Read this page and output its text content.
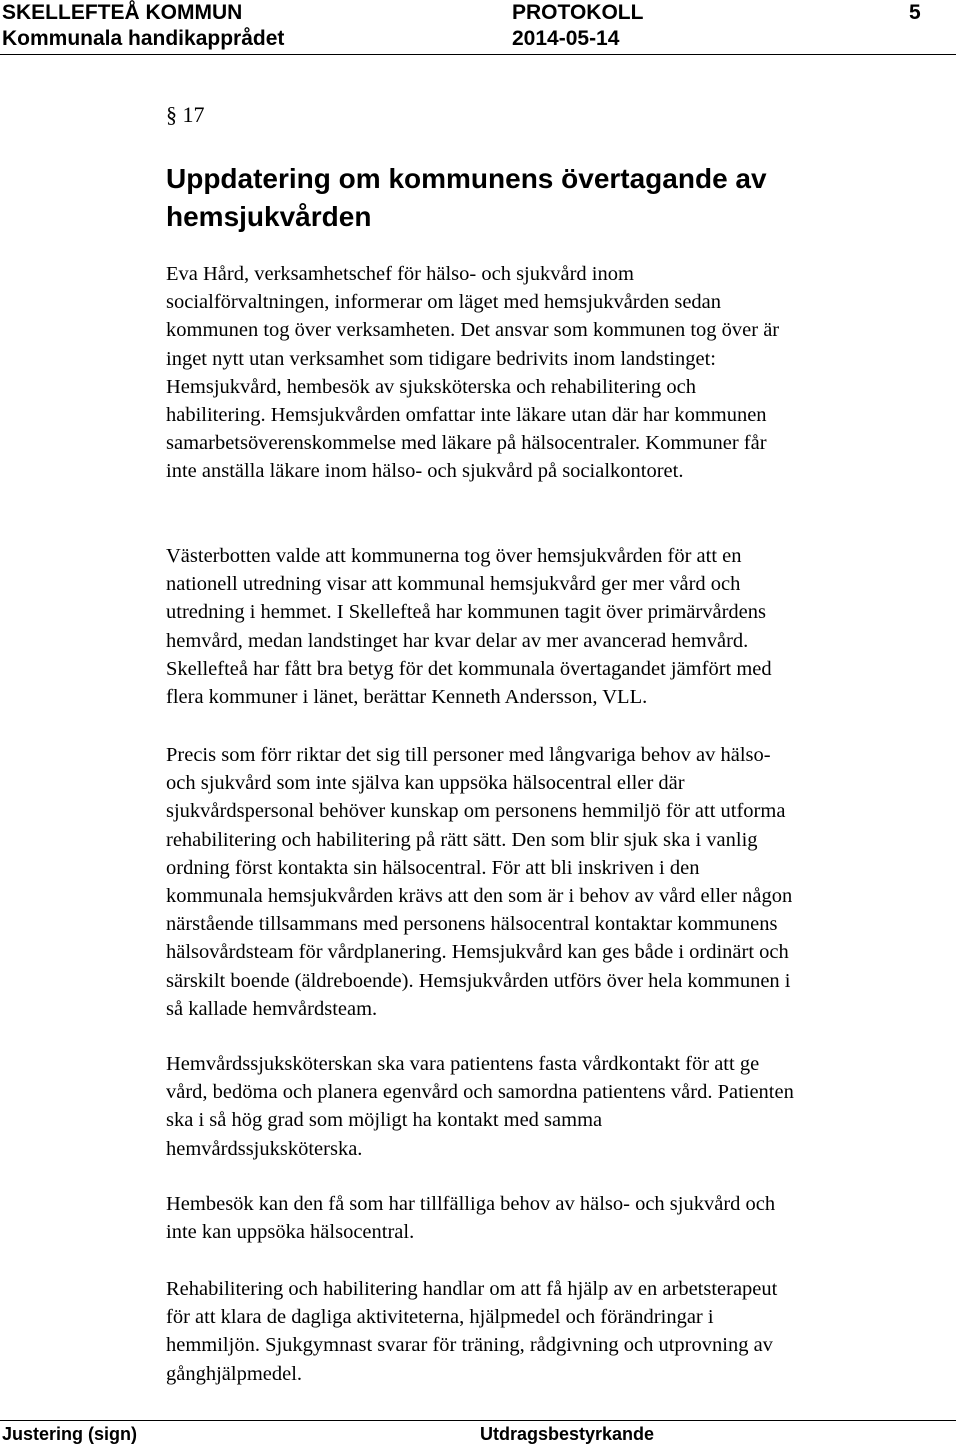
SKELLEFTEÅ KOMMUN	PROTOKOLL	5
Kommunala handikapprådet	2014-05-14
§ 17
Uppdatering om kommunens övertagande av
hemsjukvården
Eva Hård, verksamhetschef för hälso- och sjukvård inom
socialförvaltningen, informerar om läget med hemsjukvården sedan
kommunen tog över verksamheten. Det ansvar som kommunen tog över är
inget nytt utan verksamhet som tidigare bedrivits inom landstinget:
Hemsjukvård, hembesök av sjuksköterska och rehabilitering och
habilitering. Hemsjukvården omfattar inte läkare utan där har kommunen
samarbetsöverenskommelse med läkare på hälsocentraler. Kommuner får
inte anställa läkare inom hälso- och sjukvård på socialkontoret.
Västerbotten valde att kommunerna tog över hemsjukvården för att en
nationell utredning visar att kommunal hemsjukvård ger mer vård och
utredning i hemmet. I Skellefteå har kommunen tagit över primärvårdens
hemvård, medan landstinget har kvar delar av mer avancerad hemvård.
Skellefteå har fått bra betyg för det kommunala övertagandet jämfört med
flera kommuner i länet, berättar Kenneth Andersson, VLL.
Precis som förr riktar det sig till personer med långvariga behov av hälso-
och sjukvård som inte själva kan uppsöka hälsocentral eller där
sjukvårdspersonal behöver kunskap om personens hemmiljö för att utforma
rehabilitering och habilitering på rätt sätt. Den som blir sjuk ska i vanlig
ordning först kontakta sin hälsocentral. För att bli inskriven i den
kommunala hemsjukvården krävs att den som är i behov av vård eller någon
närstående tillsammans med personens hälsocentral kontaktar kommunens
hälsovårdsteam för vårdplanering. Hemsjukvård kan ges både i ordinärt och
särskilt boende (äldreboende). Hemsjukvården utförs över hela kommunen i
så kallade hemvårdsteam.
Hemvårdssjuksköterskan ska vara patientens fasta vårdkontakt för att ge
vård, bedöma och planera egenvård och samordna patientens vård. Patienten
ska i så hög grad som möjligt ha kontakt med samma
hemvårdssjuksköterska.
Hembesök kan den få som har tillfälliga behov av hälso- och sjukvård och
inte kan uppsöka hälsocentral.
Rehabilitering och habilitering handlar om att få hjälp av en arbetsterapeut
för att klara de dagliga aktiviteterna, hjälpmedel och förändringar i
hemmiljön. Sjukgymnast svarar för träning, rådgivning och utprovning av
gånghjälpmedel.
Justering (sign)	Utdragsbestyrkande
